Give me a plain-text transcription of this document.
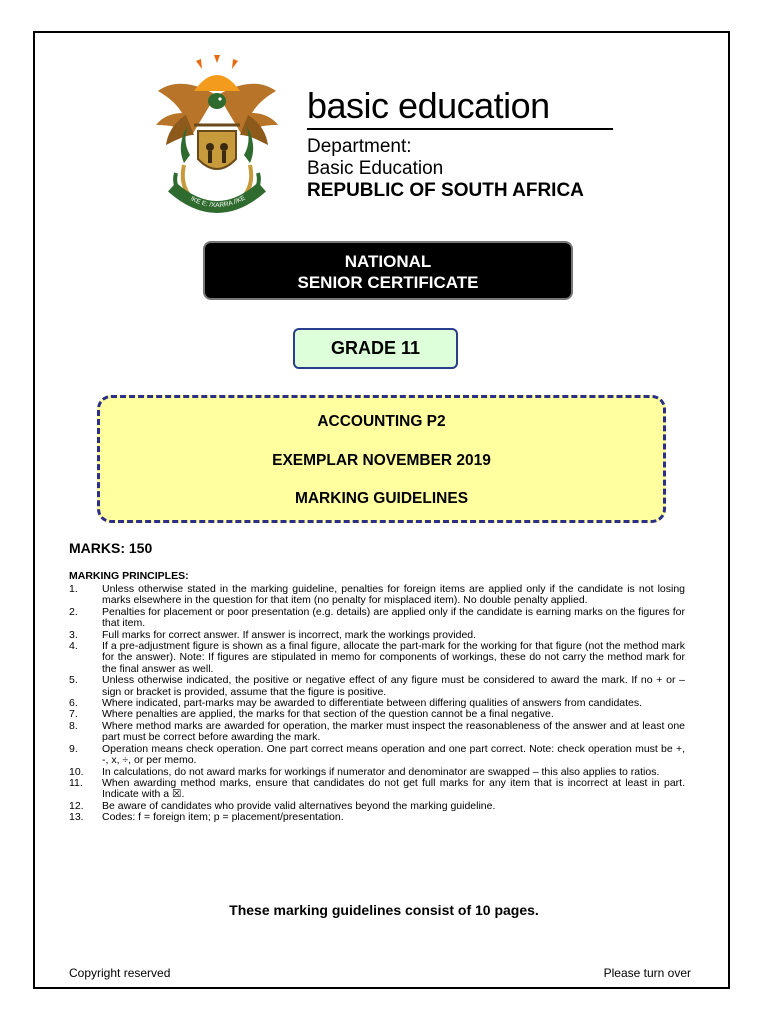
!KE E: /XARRA //KE
basic education
Department:
Basic Education
REPUBLIC OF SOUTH AFRICA
NATIONAL
SENIOR CERTIFICATE
GRADE 11
ACCOUNTING P2
EXEMPLAR NOVEMBER 2019
MARKING GUIDELINES
MARKS: 150
MARKING PRINCIPLES:
1. Unless otherwise stated in the marking guideline, penalties for foreign items are applied only if the candidate is not losing marks elsewhere in the question for that item (no penalty for misplaced item). No double penalty applied.
2. Penalties for placement or poor presentation (e.g. details) are applied only if the candidate is earning marks on the figures for that item.
3. Full marks for correct answer. If answer is incorrect, mark the workings provided.
4. If a pre-adjustment figure is shown as a final figure, allocate the part-mark for the working for that figure (not the method mark for the answer). Note: If figures are stipulated in memo for components of workings, these do not carry the method mark for the final answer as well.
5. Unless otherwise indicated, the positive or negative effect of any figure must be considered to award the mark. If no + or – sign or bracket is provided, assume that the figure is positive.
6. Where indicated, part-marks may be awarded to differentiate between differing qualities of answers from candidates.
7. Where penalties are applied, the marks for that section of the question cannot be a final negative.
8. Where method marks are awarded for operation, the marker must inspect the reasonableness of the answer and at least one part must be correct before awarding the mark.
9. Operation means check operation. One part correct means operation and one part correct. Note: check operation must be +, -, x, ÷, or per memo.
10. In calculations, do not award marks for workings if numerator and denominator are swapped – this also applies to ratios.
11. When awarding method marks, ensure that candidates do not get full marks for any item that is incorrect at least in part. Indicate with a ☒.
12. Be aware of candidates who provide valid alternatives beyond the marking guideline.
13. Codes: f = foreign item; p = placement/presentation.
These marking guidelines consist of 10 pages.
Copyright reserved	Please turn over
